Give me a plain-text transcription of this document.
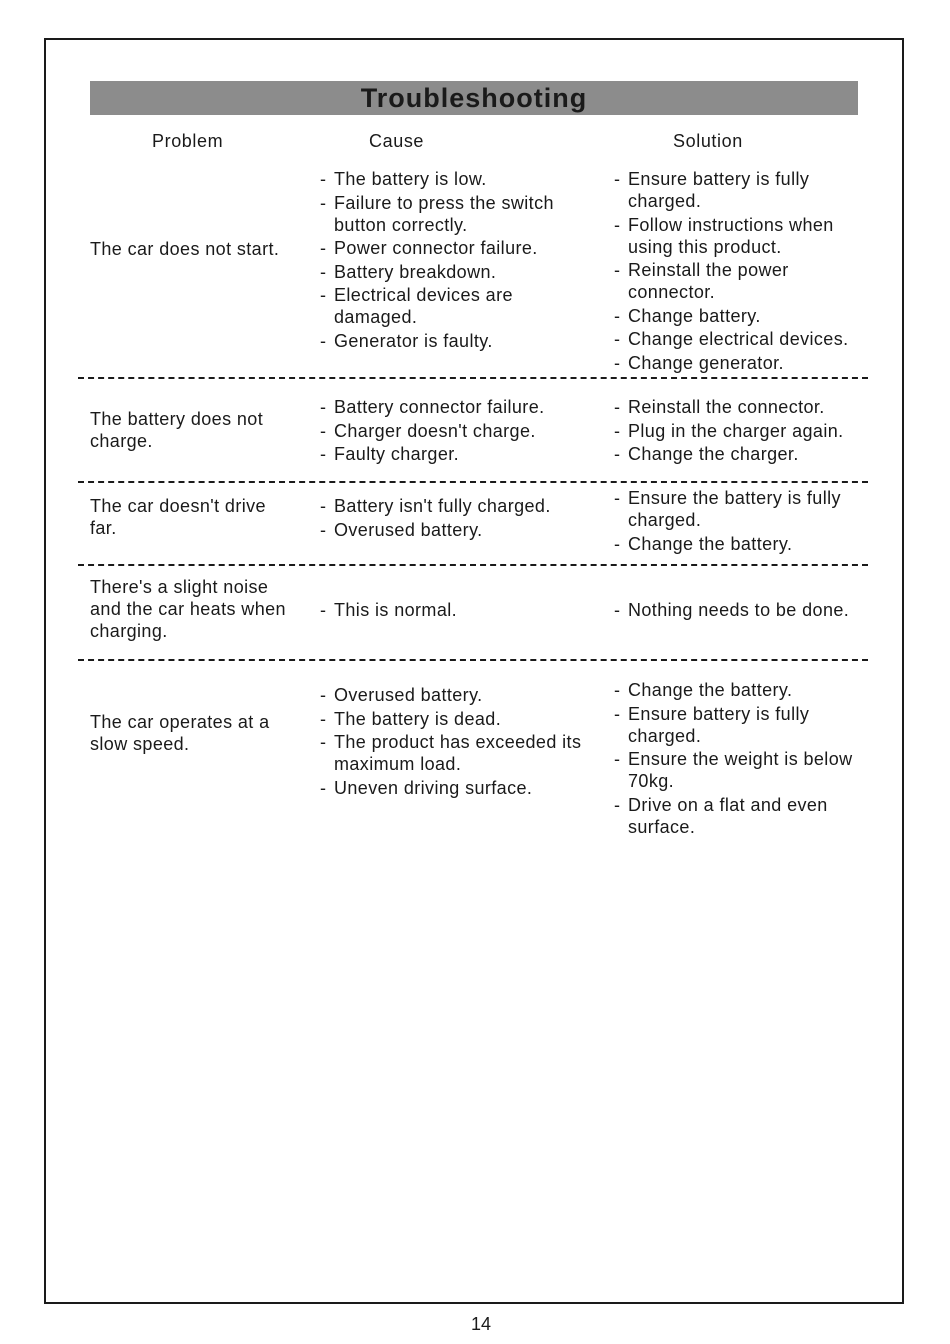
Troubleshooting
Problem	Cause	Solution
The car does not start.
- The battery is low.
- Failure to press the switch button correctly.
- Power connector failure.
- Battery breakdown.
- Electrical devices are damaged.
- Generator is faulty.
- Ensure battery is fully charged.
- Follow instructions when using this product.
- Reinstall the power connector.
- Change battery.
- Change electrical devices.
- Change generator.
The battery does not charge.
- Battery connector failure.
- Charger doesn't charge.
- Faulty charger.
- Reinstall the connector.
- Plug in the charger again.
- Change the charger.
The car doesn't drive far.
- Battery isn't fully charged.
- Overused battery.
- Ensure the battery is fully charged.
- Change the battery.
There's a slight noise and the car heats when charging.
- This is normal.
-	Nothing needs to be done.
The car operates at a slow speed.
- Overused battery.
- The battery is dead.
- The product has exceeded its maximum load.
- Uneven driving surface.
- Change the battery.
- Ensure battery is fully charged.
- Ensure the weight is below 70kg.
- Drive on a flat and even surface.
14
